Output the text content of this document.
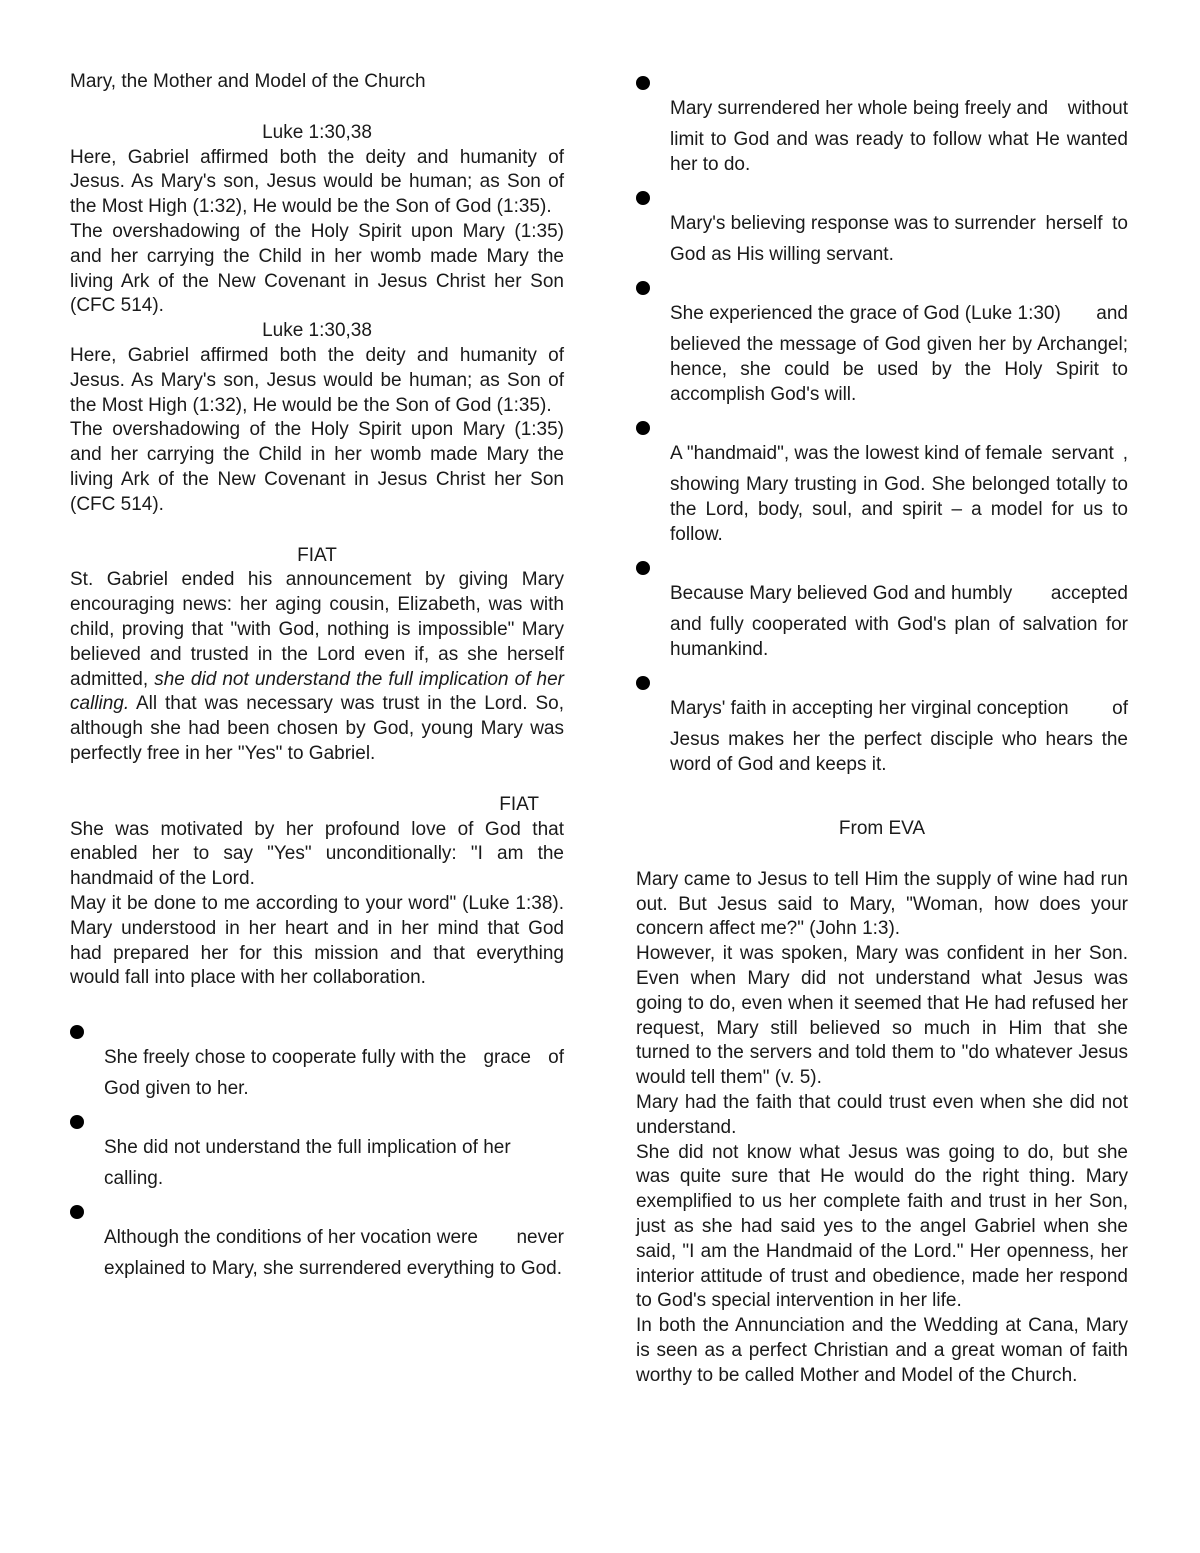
Mary, the Mother and Model of the Church

Luke 1:30,38

Here, Gabriel affirmed both the deity and humanity of Jesus. As Mary's son, Jesus would be human; as Son of the Most High (1:32), He would be the Son of God (1:35).

The overshadowing of the Holy Spirit upon Mary (1:35) and her carrying the Child in her womb made Mary the living Ark of the New Covenant in Jesus Christ her Son (CFC 514).

Luke 1:30,38

Here, Gabriel affirmed both the deity and humanity of Jesus. As Mary's son, Jesus would be human; as Son of the Most High (1:32), He would be the Son of God (1:35).

The overshadowing of the Holy Spirit upon Mary (1:35) and her carrying the Child in her womb made Mary the living Ark of the New Covenant in Jesus Christ her Son (CFC 514).

FIAT

St. Gabriel ended his announcement by giving Mary encouraging news: her aging cousin, Elizabeth, was with child, proving that "with God, nothing is impossible" Mary believed and trusted in the Lord even if, as she herself admitted, she did not understand the full implication of her calling. All that was necessary was trust in the Lord. So, although she had been chosen by God, young Mary was perfectly free in her "Yes" to Gabriel.

FIAT

She was motivated by her profound love of God that enabled her to say "Yes" unconditionally: "I am the handmaid of the Lord.

May it be done to me according to your word" (Luke 1:38). Mary understood in her heart and in her mind that God had prepared her for this mission and that everything would fall into place with her collaboration.

She freely chose to cooperate fully with the grace of God given to her.

She did not understand the full implication of her calling.

Although the conditions of her vocation were never explained to Mary, she surrendered everything to God.

Mary surrendered her whole being freely and without limit to God and was ready to follow what He wanted her to do.

Mary's believing response was to surrender herself to God as His willing servant.

She experienced the grace of God (Luke 1:30) and believed the message of God given her by Archangel; hence, she could be used by the Holy Spirit to accomplish God's will.

A "handmaid", was the lowest kind of female servant , showing Mary trusting in God. She belonged totally to the Lord, body, soul, and spirit – a model for us to follow.

Because Mary believed God and humbly accepted and fully cooperated with God's plan of salvation for humankind.

Marys' faith in accepting her virginal conception of Jesus makes her the perfect disciple who hears the word of God and keeps it.

From EVA

Mary came to Jesus to tell Him the supply of wine had run out. But Jesus said to Mary, "Woman, how does your concern affect me?" (John 1:3).

However, it was spoken, Mary was confident in her Son. Even when Mary did not understand what Jesus was going to do, even when it seemed that He had refused her request, Mary still believed so much in Him that she turned to the servers and told them to "do whatever Jesus would tell them" (v. 5).

Mary had the faith that could trust even when she did not understand.

She did not know what Jesus was going to do, but she was quite sure that He would do the right thing. Mary exemplified to us her complete faith and trust in her Son, just as she had said yes to the angel Gabriel when she said, "I am the Handmaid of the Lord." Her openness, her interior attitude of trust and obedience, made her respond to God's special intervention in her life.

In both the Annunciation and the Wedding at Cana, Mary is seen as a perfect Christian and a great woman of faith worthy to be called Mother and Model of the Church.
